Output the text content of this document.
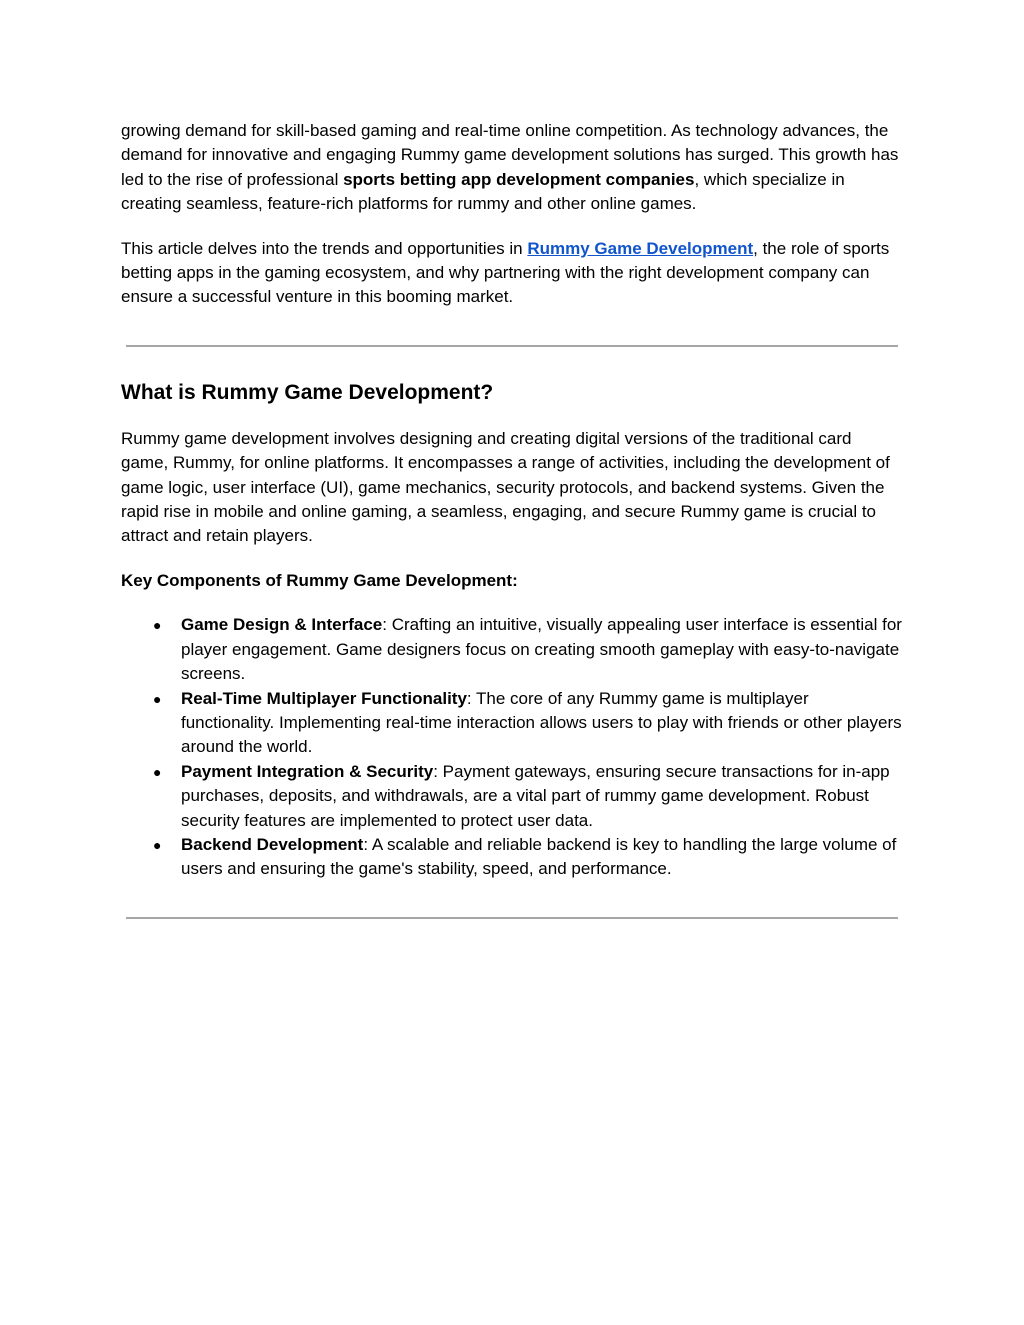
growing demand for skill-based gaming and real-time online competition. As technology advances, the demand for innovative and engaging Rummy game development solutions has surged. This growth has led to the rise of professional sports betting app development companies, which specialize in creating seamless, feature-rich platforms for rummy and other online games.

This article delves into the trends and opportunities in Rummy Game Development, the role of sports betting apps in the gaming ecosystem, and why partnering with the right development company can ensure a successful venture in this booming market.

What is Rummy Game Development?

Rummy game development involves designing and creating digital versions of the traditional card game, Rummy, for online platforms. It encompasses a range of activities, including the development of game logic, user interface (UI), game mechanics, security protocols, and backend systems. Given the rapid rise in mobile and online gaming, a seamless, engaging, and secure Rummy game is crucial to attract and retain players.

Key Components of Rummy Game Development:

● Game Design & Interface: Crafting an intuitive, visually appealing user interface is essential for player engagement. Game designers focus on creating smooth gameplay with easy-to-navigate screens.
● Real-Time Multiplayer Functionality: The core of any Rummy game is multiplayer functionality. Implementing real-time interaction allows users to play with friends or other players around the world.
● Payment Integration & Security: Payment gateways, ensuring secure transactions for in-app purchases, deposits, and withdrawals, are a vital part of rummy game development. Robust security features are implemented to protect user data.
● Backend Development: A scalable and reliable backend is key to handling the large volume of users and ensuring the game's stability, speed, and performance.
